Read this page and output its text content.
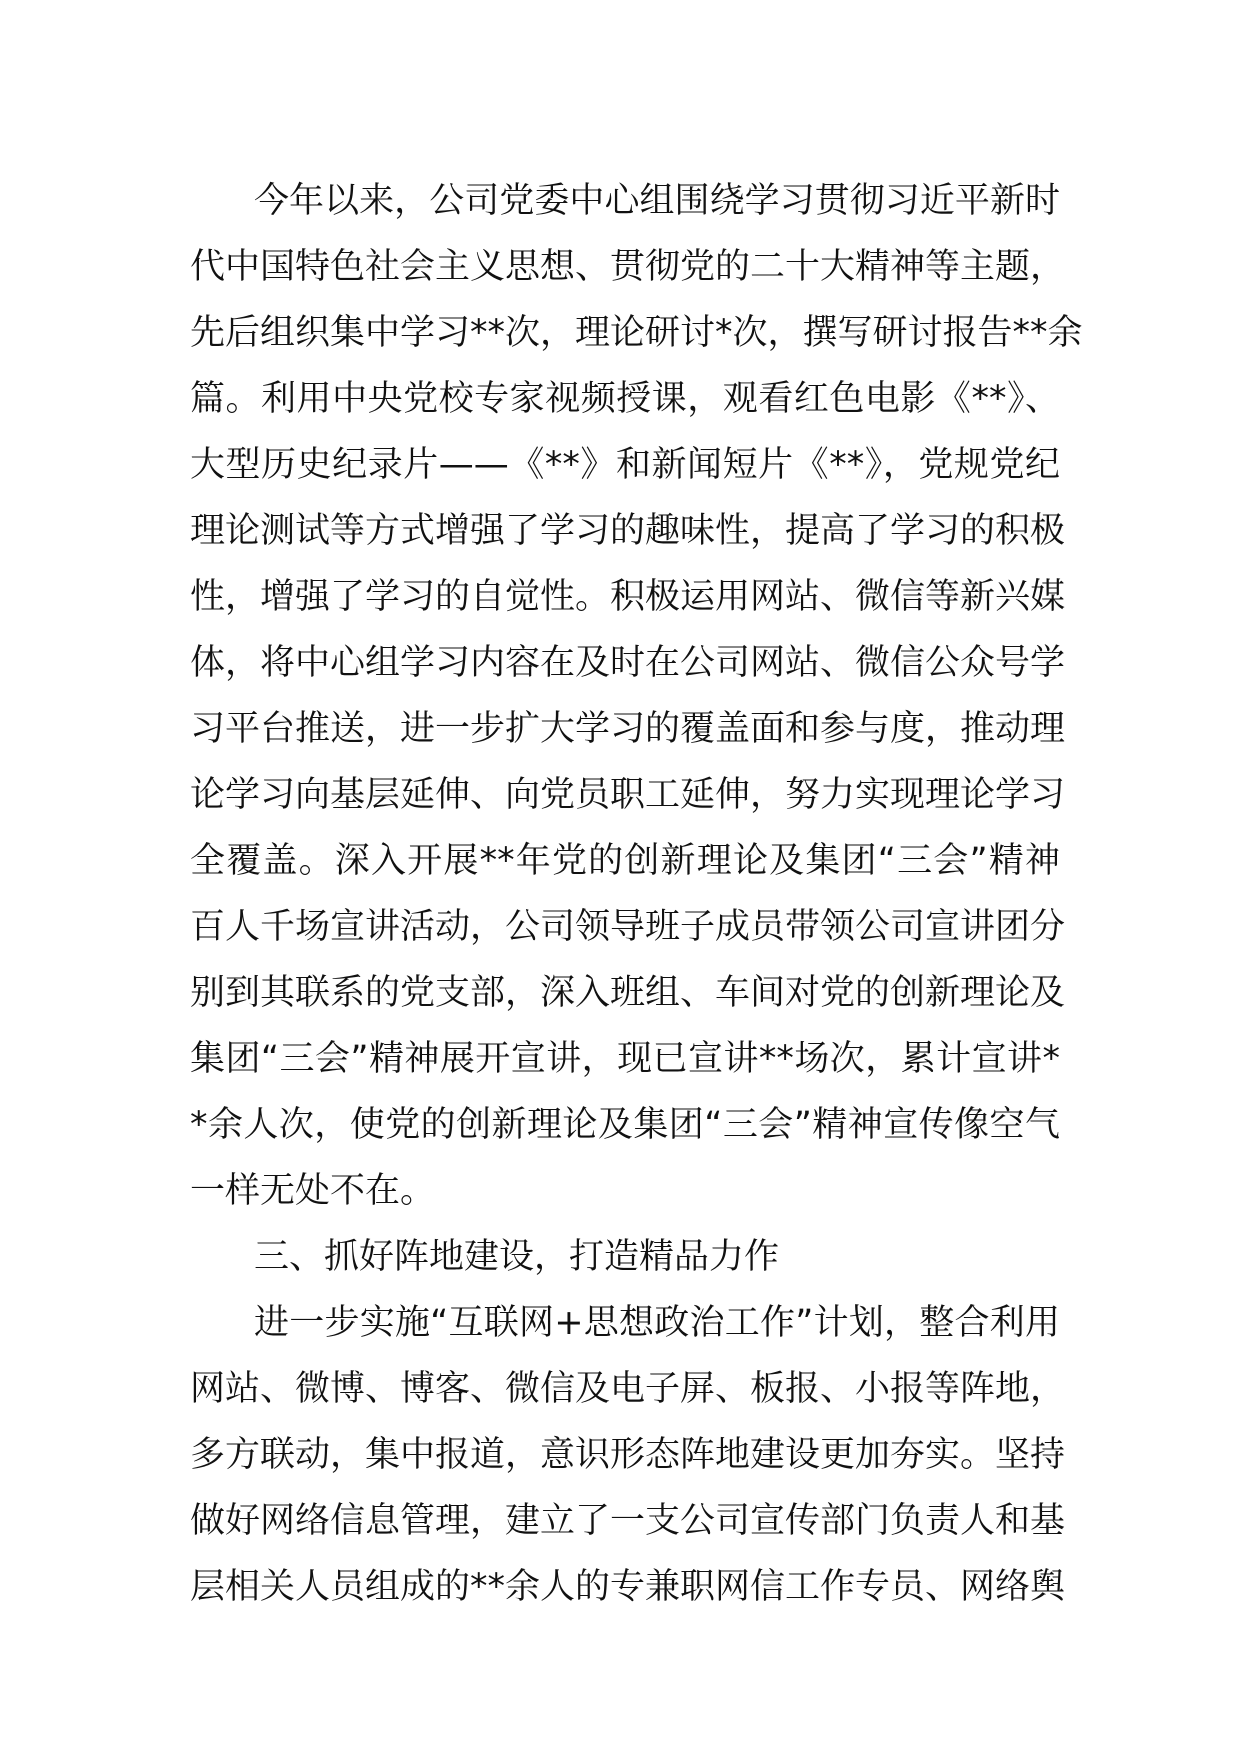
今年以来，公司党委中心组围绕学习贯彻习近平新时
代中国特色社会主义思想、贯彻党的二十大精神等主题，
先后组织集中学习**次，理论研讨*次，撰写研讨报告**余
篇。利用中央党校专家视频授课，观看红色电影《**》、
大型历史纪录片——《**》和新闻短片《**》，党规党纪
理论测试等方式增强了学习的趣味性，提高了学习的积极
性，增强了学习的自觉性。积极运用网站、微信等新兴媒
体，将中心组学习内容在及时在公司网站、微信公众号学
习平台推送，进一步扩大学习的覆盖面和参与度，推动理
论学习向基层延伸、向党员职工延伸，努力实现理论学习
全覆盖。深入开展**年党的创新理论及集团“三会”精神
百人千场宣讲活动，公司领导班子成员带领公司宣讲团分
别到其联系的党支部，深入班组、车间对党的创新理论及
集团“三会”精神展开宣讲，现已宣讲**场次，累计宣讲*
*余人次，使党的创新理论及集团“三会”精神宣传像空气
一样无处不在。
三、抓好阵地建设，打造精品力作
进一步实施“互联网+思想政治工作”计划，整合利用
网站、微博、博客、微信及电子屏、板报、小报等阵地，
多方联动，集中报道，意识形态阵地建设更加夯实。坚持
做好网络信息管理，建立了一支公司宣传部门负责人和基
层相关人员组成的**余人的专兼职网信工作专员、网络舆
